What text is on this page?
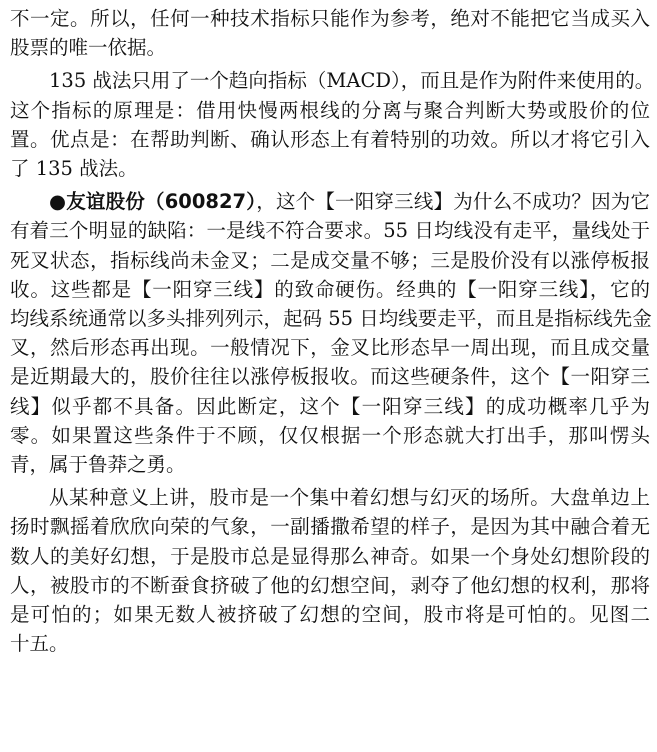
不一定。所以，任何一种技术指标只能作为参考，绝对不能把它当成买入
股票的唯一依据。
135 战法只用了一个趋向指标（MACD），而且是作为附件来使用的。
这个指标的原理是：借用快慢两根线的分离与聚合判断大势或股价的位
置。优点是：在帮助判断、确认形态上有着特别的功效。所以才将它引入
了 135 战法。
●友谊股份（600827），这个【一阳穿三线】为什么不成功？因为它
有着三个明显的缺陷：一是线不符合要求。55 日均线没有走平，量线处于
死叉状态，指标线尚未金叉；二是成交量不够；三是股价没有以涨停板报
收。这些都是【一阳穿三线】的致命硬伤。经典的【一阳穿三线】，它的
均线系统通常以多头排列列示，起码 55 日均线要走平，而且是指标线先金
叉，然后形态再出现。一般情况下，金叉比形态早一周出现，而且成交量
是近期最大的，股价往往以涨停板报收。而这些硬条件，这个【一阳穿三
线】似乎都不具备。因此断定，这个【一阳穿三线】的成功概率几乎为
零。如果置这些条件于不顾，仅仅根据一个形态就大打出手，那叫愣头
青，属于鲁莽之勇。
从某种意义上讲，股市是一个集中着幻想与幻灭的场所。大盘单边上
扬时飘摇着欣欣向荣的气象，一副播撒希望的样子，是因为其中融合着无
数人的美好幻想，于是股市总是显得那么神奇。如果一个身处幻想阶段的
人，被股市的不断蚕食挤破了他的幻想空间，剥夺了他幻想的权利，那将
是可怕的；如果无数人被挤破了幻想的空间，股市将是可怕的。见图二
十五。
